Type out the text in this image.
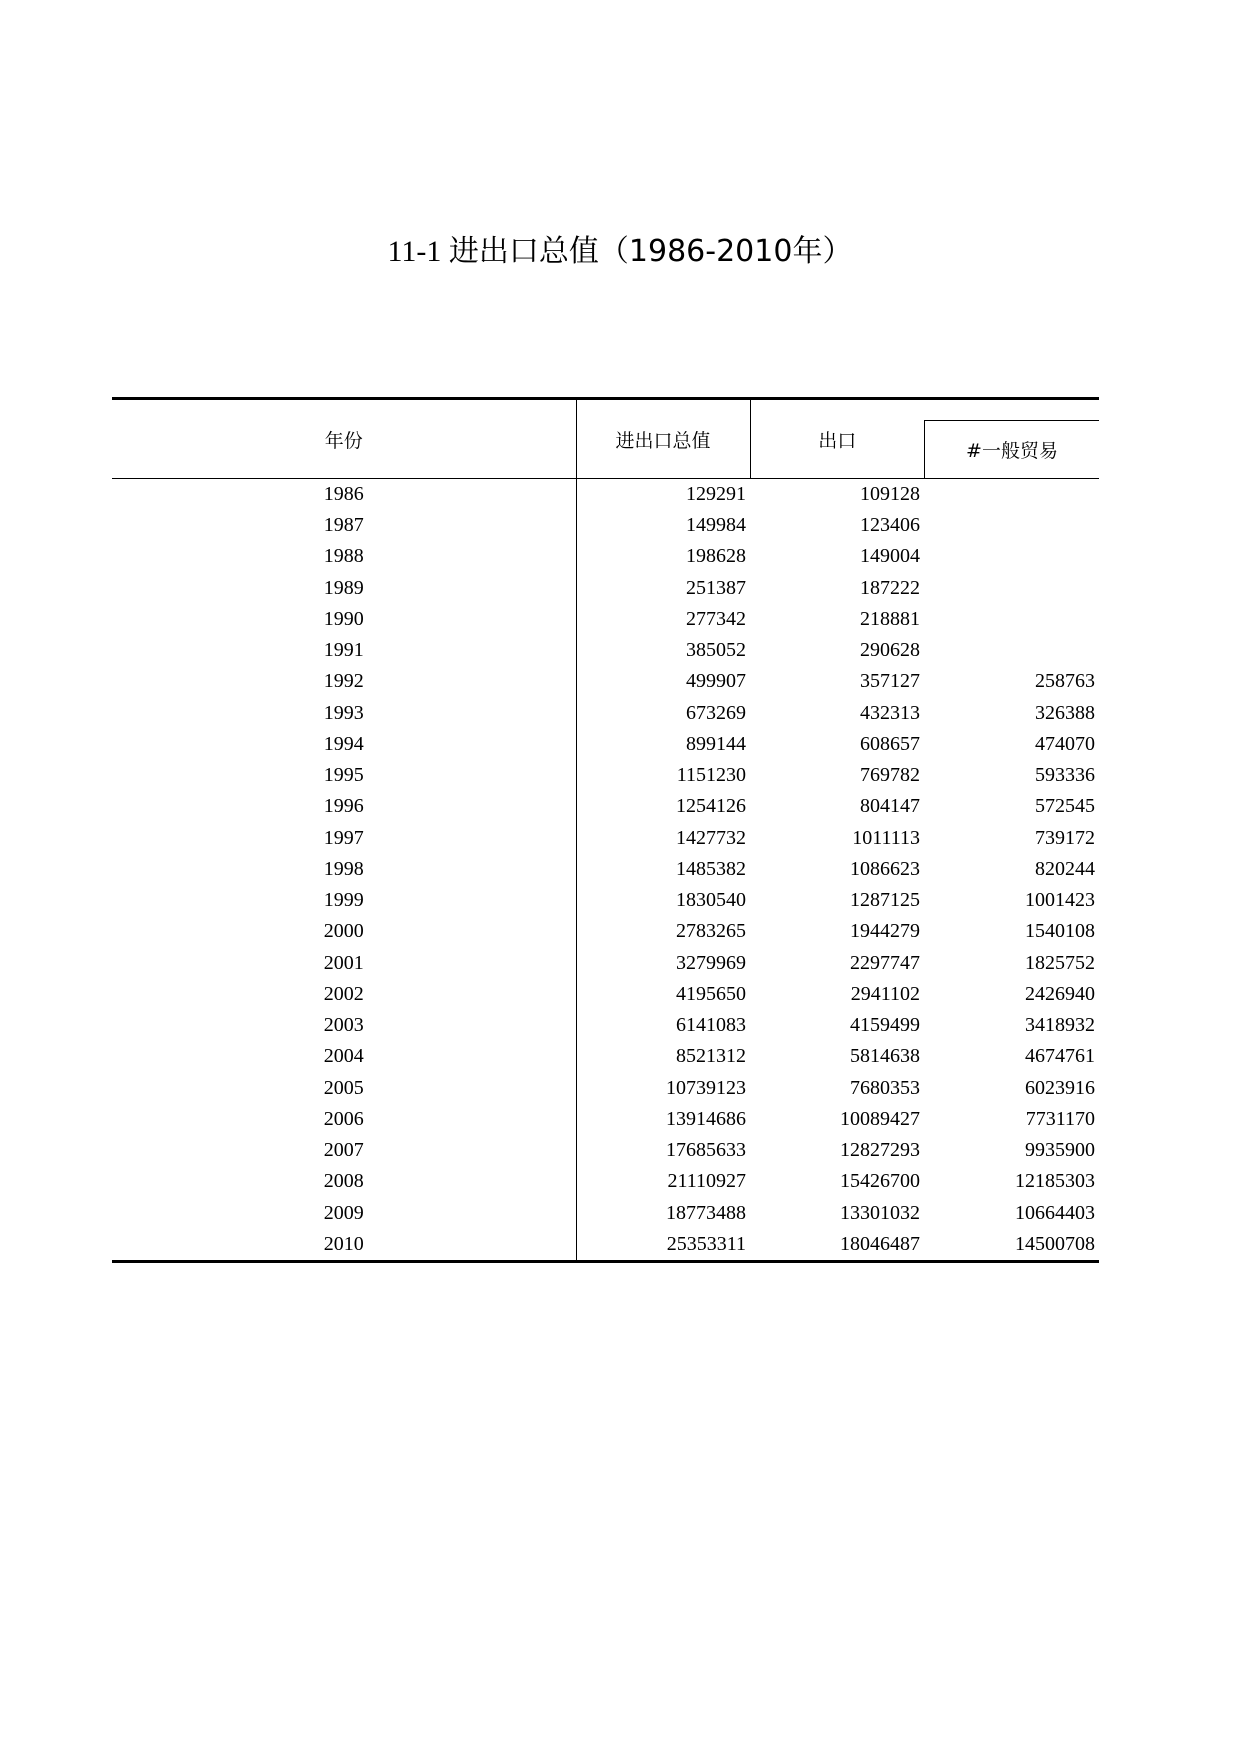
11-1 进出口总值（1986-2010年）
年份	进出口总值	出口	#一般贸易

1986	129291	109128	
1987	149984	123406	
1988	198628	149004	
1989	251387	187222	
1990	277342	218881	
1991	385052	290628	
1992	499907	357127	258763
1993	673269	432313	326388
1994	899144	608657	474070
1995	1151230	769782	593336
1996	1254126	804147	572545
1997	1427732	1011113	739172
1998	1485382	1086623	820244
1999	1830540	1287125	1001423
2000	2783265	1944279	1540108
2001	3279969	2297747	1825752
2002	4195650	2941102	2426940
2003	6141083	4159499	3418932
2004	8521312	5814638	4674761
2005	10739123	7680353	6023916
2006	13914686	10089427	7731170
2007	17685633	12827293	9935900
2008	21110927	15426700	12185303
2009	18773488	13301032	10664403
2010	25353311	18046487	14500708
